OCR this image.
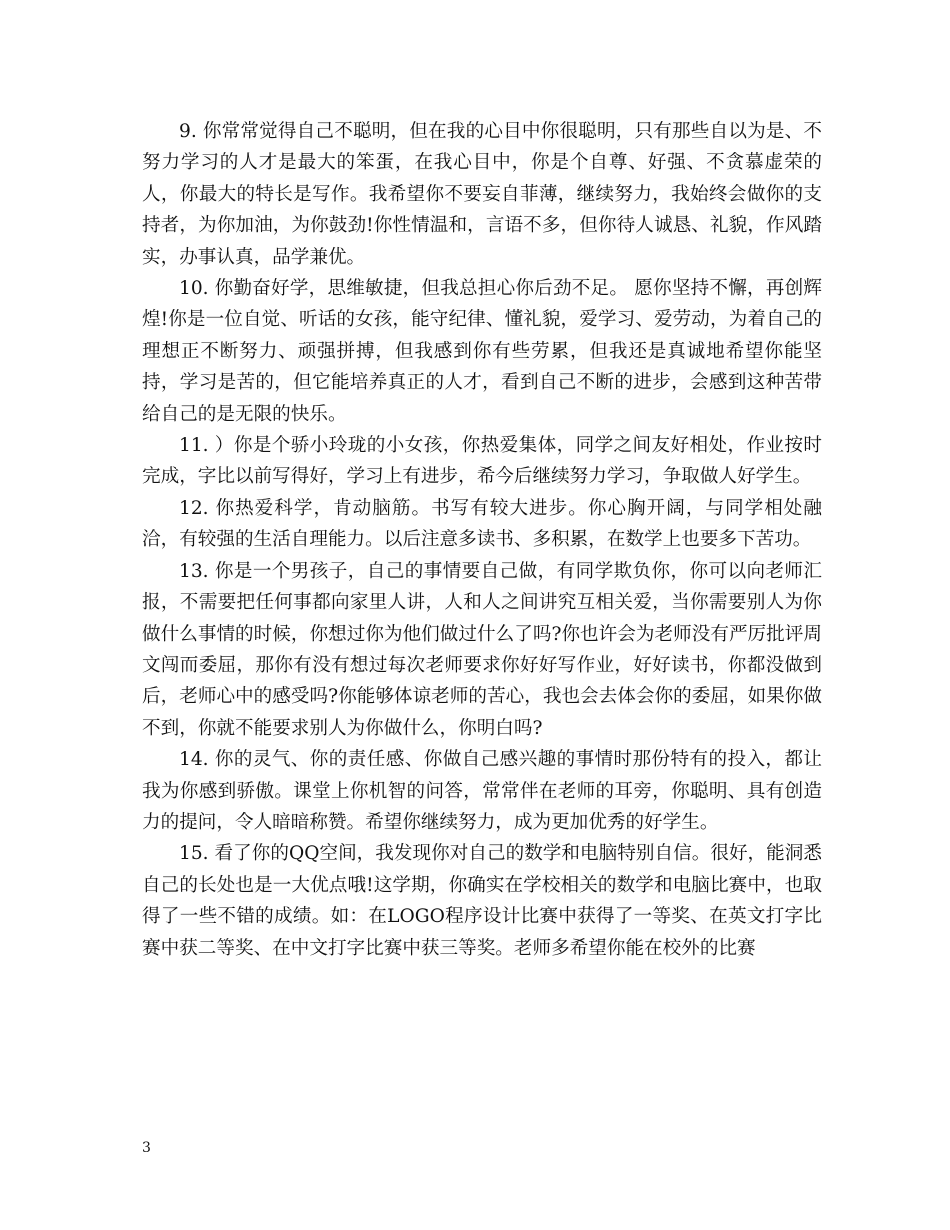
9. 你常常觉得自己不聪明，但在我的心目中你很聪明，只有那些自以为是、不努力学习的人才是最大的笨蛋，在我心目中，你是个自尊、好强、不贪慕虚荣的人，你最大的特长是写作。我希望你不要妄自菲薄，继续努力，我始终会做你的支持者，为你加油，为你鼓劲!你性情温和，言语不多，但你待人诚恳、礼貌，作风踏实，办事认真，品学兼优。

10. 你勤奋好学，思维敏捷，但我总担心你后劲不足。 愿你坚持不懈，再创辉煌!你是一位自觉、听话的女孩，能守纪律、懂礼貌，爱学习、爱劳动，为着自己的理想正不断努力、顽强拼搏，但我感到你有些劳累，但我还是真诚地希望你能坚持，学习是苦的，但它能培养真正的人才，看到自己不断的进步，会感到这种苦带给自己的是无限的快乐。

11. ）你是个骄小玲珑的小女孩，你热爱集体，同学之间友好相处，作业按时完成，字比以前写得好，学习上有进步，希今后继续努力学习，争取做人好学生。

12. 你热爱科学，肯动脑筋。书写有较大进步。你心胸开阔，与同学相处融洽，有较强的生活自理能力。以后注意多读书、多积累，在数学上也要多下苦功。

13. 你是一个男孩子，自己的事情要自己做，有同学欺负你，你可以向老师汇报，不需要把任何事都向家里人讲，人和人之间讲究互相关爱，当你需要别人为你做什么事情的时候，你想过你为他们做过什么了吗?你也许会为老师没有严厉批评周文闯而委屈，那你有没有想过每次老师要求你好好写作业，好好读书，你都没做到后，老师心中的感受吗?你能够体谅老师的苦心，我也会去体会你的委屈，如果你做不到，你就不能要求别人为你做什么，你明白吗?

14. 你的灵气、你的责任感、你做自己感兴趣的事情时那份特有的投入，都让我为你感到骄傲。课堂上你机智的问答，常常伴在老师的耳旁，你聪明、具有创造力的提问，令人暗暗称赞。希望你继续努力，成为更加优秀的好学生。

15. 看了你的QQ空间，我发现你对自己的数学和电脑特别自信。很好，能洞悉自己的长处也是一大优点哦!这学期，你确实在学校相关的数学和电脑比赛中，也取得了一些不错的成绩。如：在LOGO程序设计比赛中获得了一等奖、在英文打字比赛中获二等奖、在中文打字比赛中获三等奖。老师多希望你能在校外的比赛

3
